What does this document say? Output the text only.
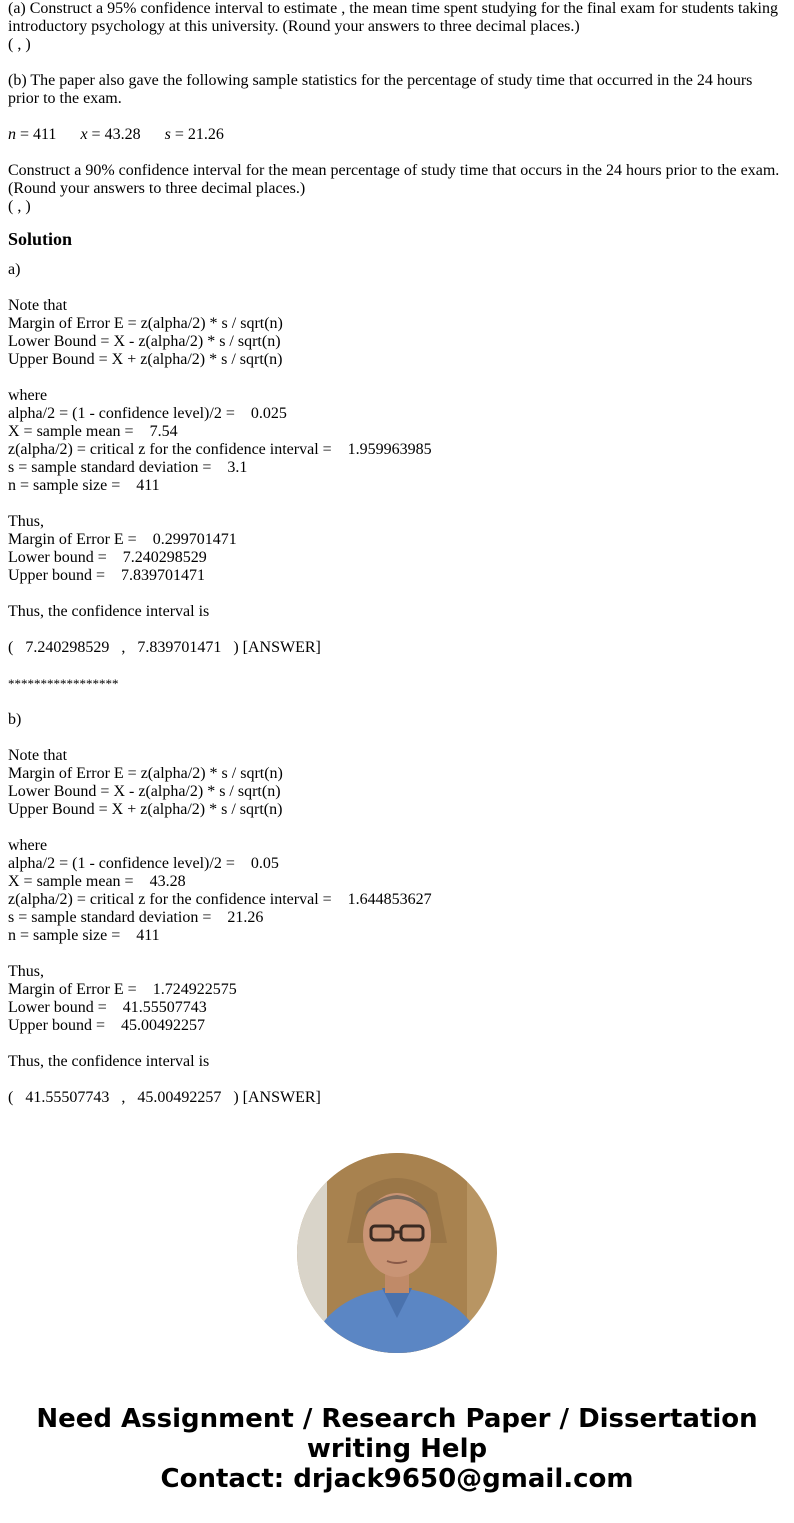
(a) Construct a 95% confidence interval to estimate , the mean time spent studying for the final exam for students taking introductory psychology at this university. (Round your answers to three decimal places.)

( , )

(b) The paper also gave the following sample statistics for the percentage of study time that occurred in the 24 hours prior to the exam.

n = 411 x = 43.28 s = 21.26

Construct a 90% confidence interval for the mean percentage of study time that occurs in the 24 hours prior to the exam. (Round your answers to three decimal places.)

( , )

Solution

a)

Note that

Margin of Error E = z(alpha/2) * s / sqrt(n)

Lower Bound = X - z(alpha/2) * s / sqrt(n)

Upper Bound = X + z(alpha/2) * s / sqrt(n)

where

alpha/2 = (1 - confidence level)/2 =    0.025

X = sample mean =    7.54

z(alpha/2) = critical z for the confidence interval =    1.959963985

s = sample standard deviation =    3.1

n = sample size =    411

Thus,

Margin of Error E =    0.299701471

Lower bound =    7.240298529

Upper bound =    7.839701471

Thus, the confidence interval is

(   7.240298529   ,   7.839701471   ) [ANSWER]

*****************

b)

Note that

Margin of Error E = z(alpha/2) * s / sqrt(n)

Lower Bound = X - z(alpha/2) * s / sqrt(n)

Upper Bound = X + z(alpha/2) * s / sqrt(n)

where

alpha/2 = (1 - confidence level)/2 =    0.05

X = sample mean =    43.28

z(alpha/2) = critical z for the confidence interval =    1.644853627

s = sample standard deviation =    21.26

n = sample size =    411

Thus,

Margin of Error E =    1.724922575

Lower bound =    41.55507743

Upper bound =    45.00492257

Thus, the confidence interval is

(   41.55507743   ,   45.00492257   ) [ANSWER]

Need Assignment / Research Paper / Dissertation
writing Help
Contact: drjack9650@gmail.com
